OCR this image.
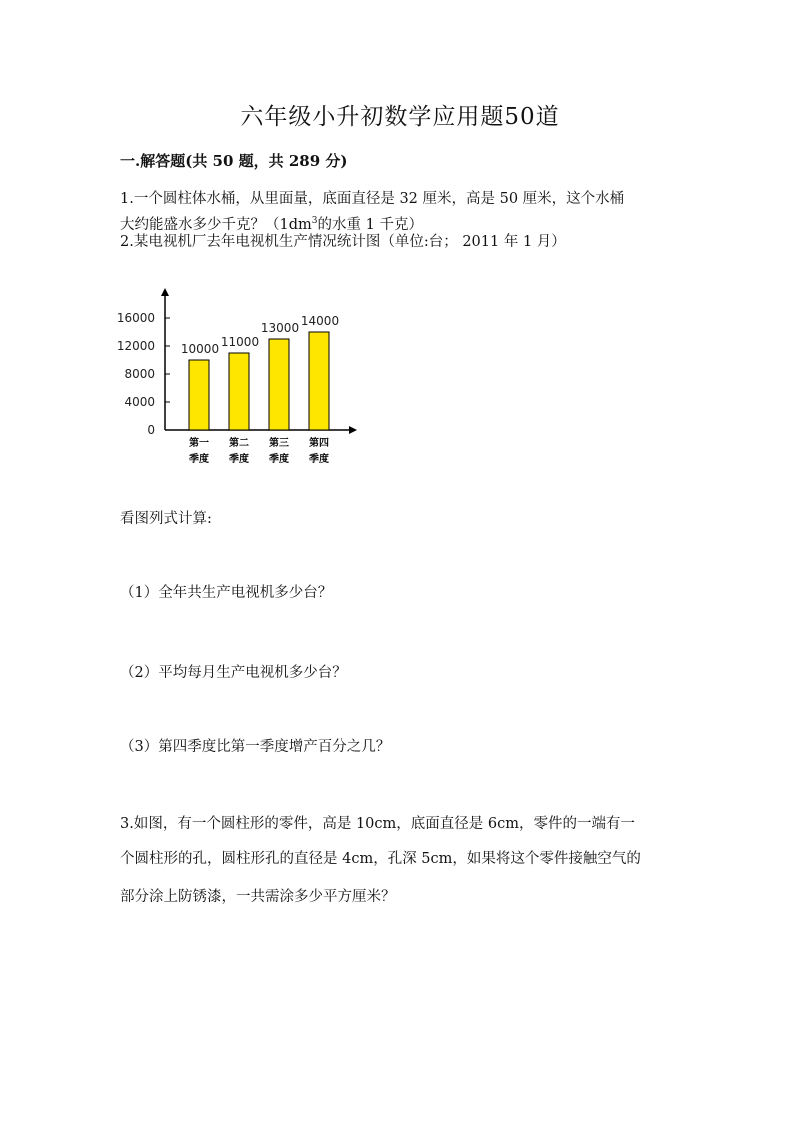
六年级小升初数学应用题50道
一.解答题(共 50 题，共 289 分)
1.一个圆柱体水桶，从里面量，底面直径是 32 厘米，高是 50 厘米，这个水桶
大约能盛水多少千克？（$1dm^3$的水重 1 千克）
2.某电视机厂去年电视机生产情况统计图（单位:台； 2011 年 1 月）
0
4000
8000
12000
16000
10000
第一
季度
11000
第二
季度
13000
第三
季度
14000
第四
季度
看图列式计算:
（1）全年共生产电视机多少台？
（2）平均每月生产电视机多少台？
（3）第四季度比第一季度增产百分之几？
3.如图，有一个圆柱形的零件，高是 10cm，底面直径是 6cm，零件的一端有一
个圆柱形的孔，圆柱形孔的直径是 4cm，孔深 5cm，如果将这个零件接触空气的
部分涂上防锈漆，一共需涂多少平方厘米？
